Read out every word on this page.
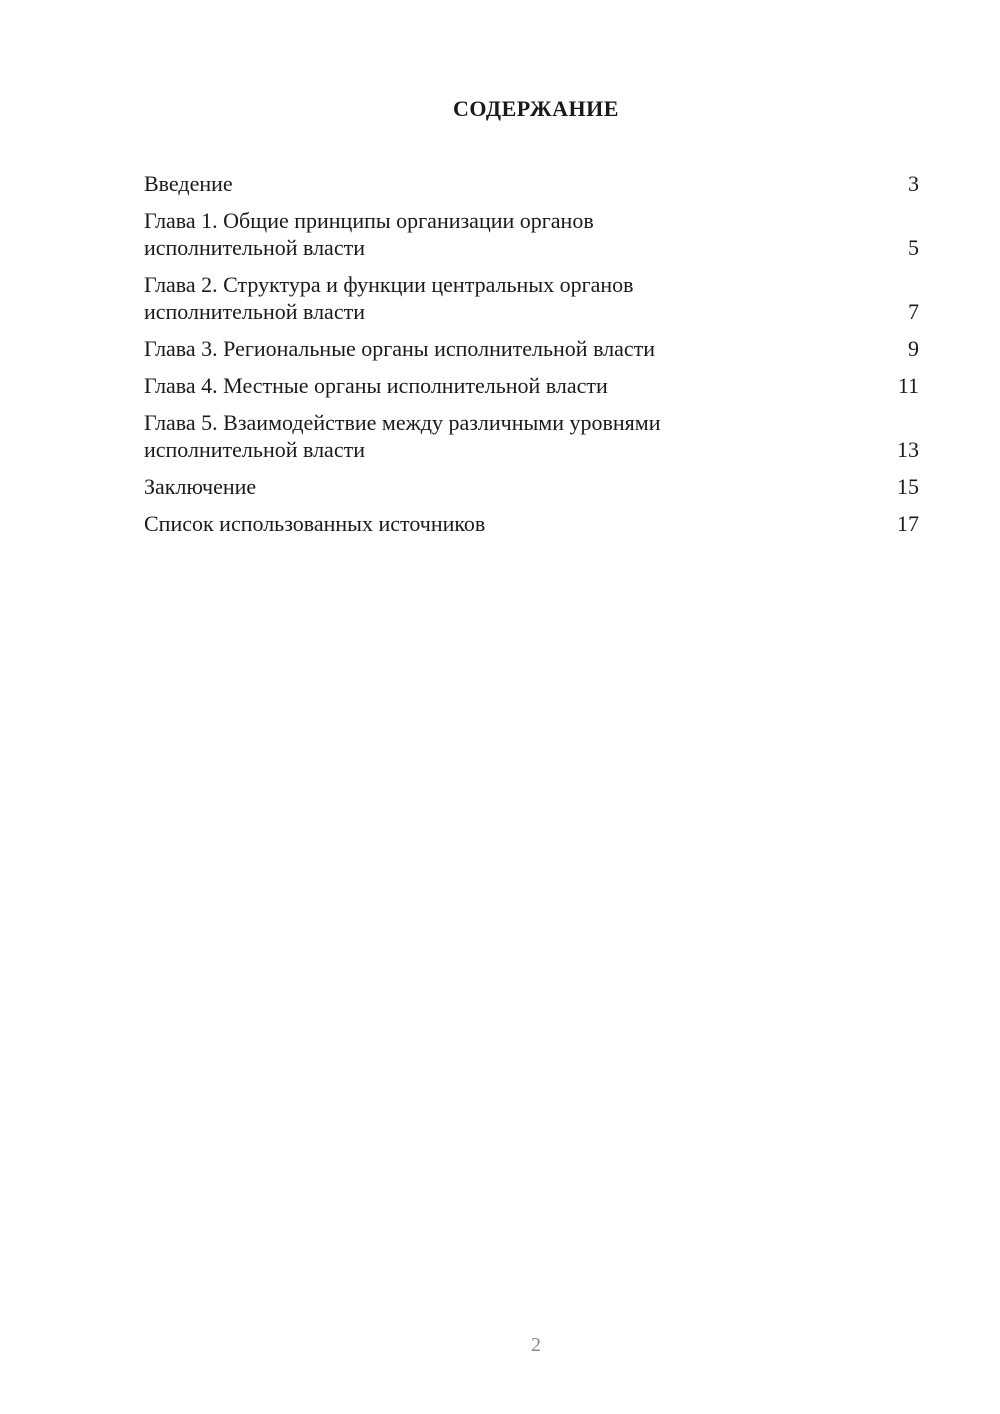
СОДЕРЖАНИЕ
Введение	3
Глава 1. Общие принципы организации органов исполнительной власти	5
Глава 2. Структура и функции центральных органов исполнительной власти	7
Глава 3. Региональные органы исполнительной власти	9
Глава 4. Местные органы исполнительной власти	11
Глава 5. Взаимодействие между различными уровнями исполнительной власти	13
Заключение	15
Список использованных источников	17
2
